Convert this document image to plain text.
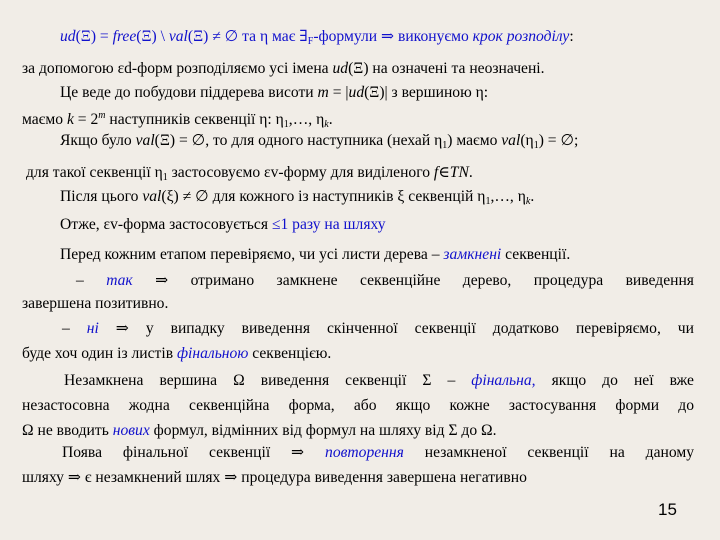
ud(Ξ) = free(Ξ) \ val(Ξ) ≠ ∅ та η має $\exists_F$-формули ⇒ виконуємо крок розподілу:
за допомогою εd-форм розподіляємо усі імена ud(Ξ) на означені та неозначені.
Це веде до побудови піддерева висоти m = |ud(Ξ)| з вершиною η:
маємо $k = 2^m$ наступників секвенції η: $\eta_1,\dots$, $\eta_k$.
Якщо було val(Ξ) = ∅, то для одного наступника (нехай $\eta_1$) маємо $val(\eta_1)$ = ∅;
для такої секвенції $\eta_1$ застосовуємо εv-форму для виділеного f∈TN.
Після цього val(ξ) ≠ ∅ для кожного із наступників ξ секвенцій $\eta_1,\dots$, $\eta_k$.
Отже, εv-форма застосовується ≤1 разу на шляху
Перед кожним етапом перевіряємо, чи усі листи дерева – замкнені секвенції.
– так ⇒ отримано замкнене секвенційне дерево, процедура виведення
завершена позитивно.
– ні ⇒ у випадку виведення скінченної секвенції додатково перевіряємо, чи
буде хоч один із листів фінальною секвенцією.
Незамкнена вершина Ω виведення секвенції Σ – фінальна, якщо до неї вже
незастосовна жодна секвенційна форма, або якщо кожне застосування форми до
Ω не вводить нових формул, відмінних від формул на шляху від Σ до Ω.
Поява фінальної секвенції ⇒ повторення незамкненої секвенції на даному
шляху ⇒ є незамкнений шлях ⇒ процедура виведення завершена негативно
15
